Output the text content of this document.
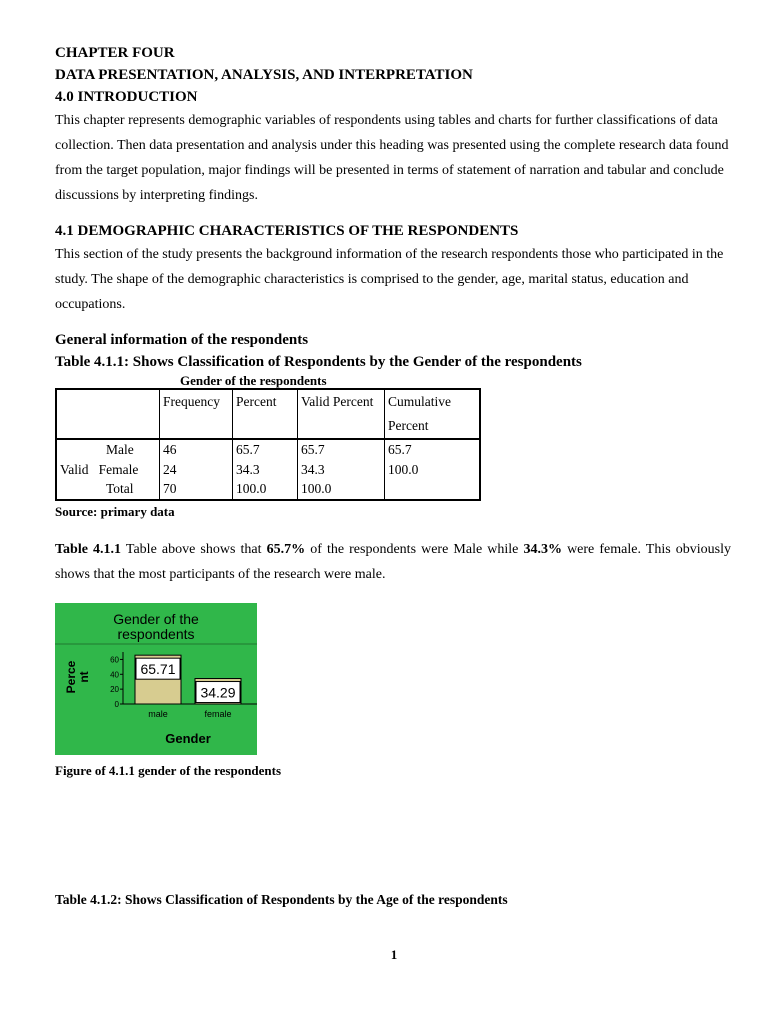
CHAPTER FOUR

DATA PRESENTATION, ANALYSIS, AND INTERPRETATION

4.0 INTRODUCTION

This chapter represents demographic variables of respondents using tables and charts for further classifications of data collection. Then data presentation and analysis under this heading was presented using the complete research data found from the target population, major findings will be presented in terms of statement of narration and tabular and conclude discussions by interpreting findings.

4.1 DEMOGRAPHIC CHARACTERISTICS OF THE RESPONDENTS

This section of the study presents the background information of the research respondents those who participated in the study. The shape of the demographic characteristics is comprised to the gender, age, marital status, education and occupations.

General information of the respondents
Table 4.1.1: Shows Classification of Respondents by the Gender of the respondents
Gender of the respondents
	Frequency	Percent	Valid Percent	Cumulative Percent
Male	46	65.7	65.7	65.7
Valid Female	24	34.3	34.3	100.0
Total	70	100.0	100.0	
Source: primary data

Table 4.1.1 Table above shows that 65.7% of the respondents were Male while 34.3% were female. This obviously shows that the most participants of the research were male.

Gender of the
respondents
0
20
40
60
Perce nt	65.71
male
34.29
female
Gender
Figure of 4.1.1 gender of the respondents
Table 4.1.2: Shows Classification of Respondents by the Age of the respondents
1
